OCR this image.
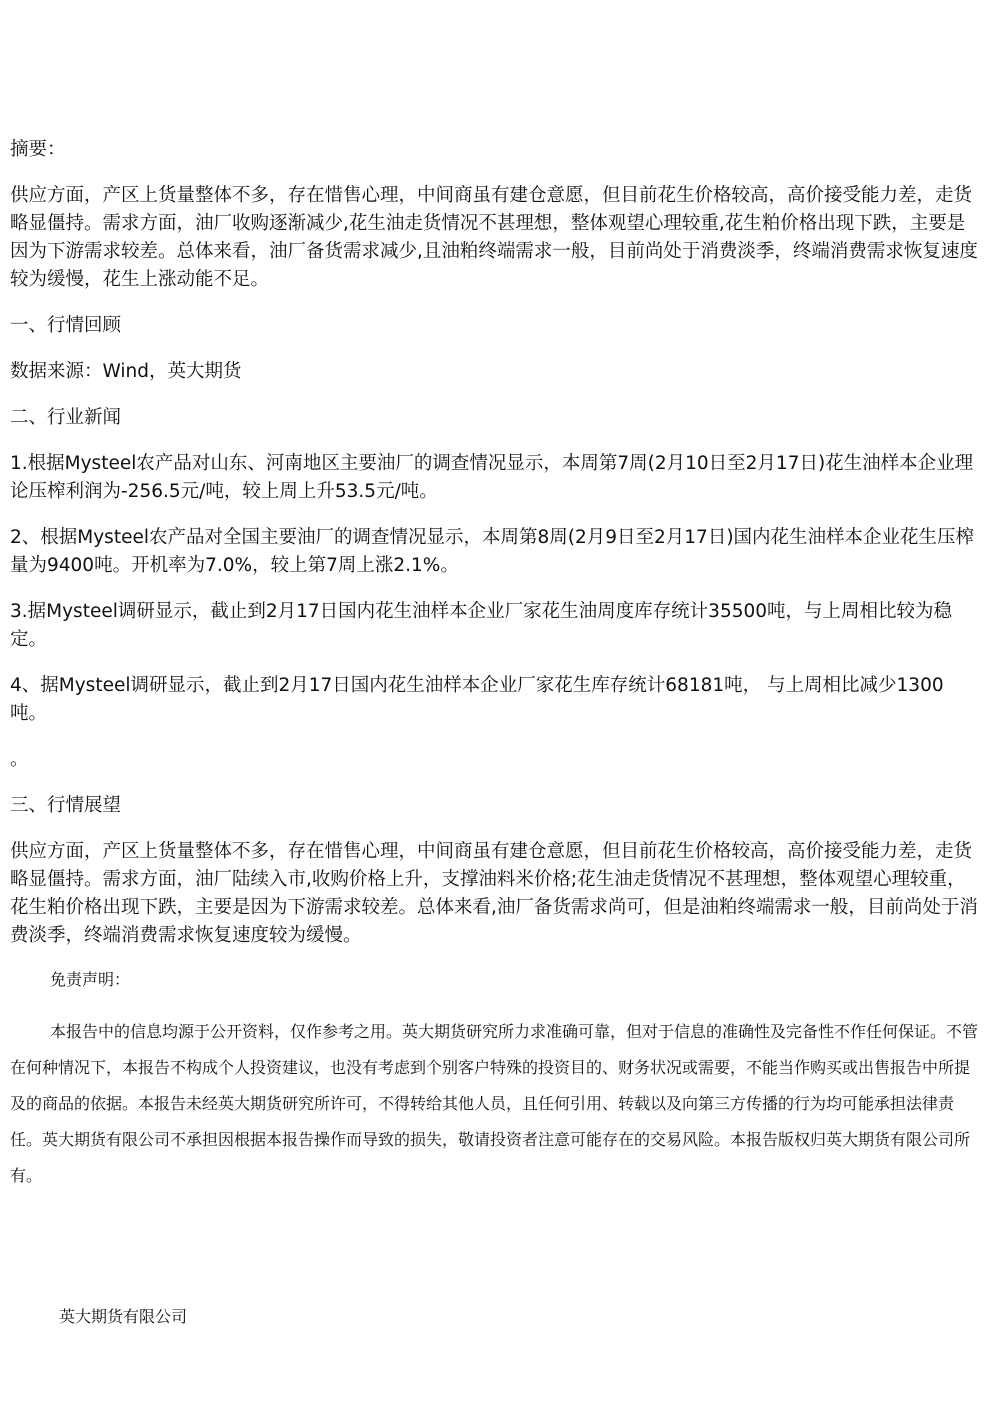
摘要：

供应方面，产区上货量整体不多，存在惜售心理，中间商虽有建仓意愿，但目前花生价格较高，高价接受能力差，走货略显僵持。需求方面，油厂收购逐渐减少,花生油走货情况不甚理想，整体观望心理较重,花生粕价格出现下跌，主要是因为下游需求较差。总体来看，油厂备货需求减少,且油粕终端需求一般，目前尚处于消费淡季，终端消费需求恢复速度较为缓慢，花生上涨动能不足。

一、行情回顾

数据来源：Wind，英大期货

二、行业新闻

1.根据Mysteel农产品对山东、河南地区主要油厂的调查情况显示，本周第7周(2月10日至2月17日)花生油样本企业理论压榨利润为-256.5元/吨，较上周上升53.5元/吨。

2、根据Mysteel农产品对全国主要油厂的调查情况显示，本周第8周(2月9日至2月17日)国内花生油样本企业花生压榨量为9400吨。开机率为7.0%，较上第7周上涨2.1%。

3.据Mysteel调研显示，截止到2月17日国内花生油样本企业厂家花生油周度库存统计35500吨，与上周相比较为稳定。

4、据Mysteel调研显示，截止到2月17日国内花生油样本企业厂家花生库存统计68181吨， 与上周相比减少1300吨。

。

三、行情展望

供应方面，产区上货量整体不多，存在惜售心理，中间商虽有建仓意愿，但目前花生价格较高，高价接受能力差，走货略显僵持。需求方面，油厂陆续入市,收购价格上升，支撑油料米价格;花生油走货情况不甚理想，整体观望心理较重，花生粕价格出现下跌，主要是因为下游需求较差。总体来看,油厂备货需求尚可，但是油粕终端需求一般，目前尚处于消费淡季，终端消费需求恢复速度较为缓慢。

免责声明：

本报告中的信息均源于公开资料，仅作参考之用。英大期货研究所力求准确可靠，但对于信息的准确性及完备性不作任何保证。不管在何种情况下，本报告不构成个人投资建议，也没有考虑到个别客户特殊的投资目的、财务状况或需要，不能当作购买或出售报告中所提及的商品的依据。本报告未经英大期货研究所许可，不得转给其他人员，且任何引用、转载以及向第三方传播的行为均可能承担法律责任。英大期货有限公司不承担因根据本报告操作而导致的损失，敬请投资者注意可能存在的交易风险。本报告版权归英大期货有限公司所有。

英大期货有限公司
